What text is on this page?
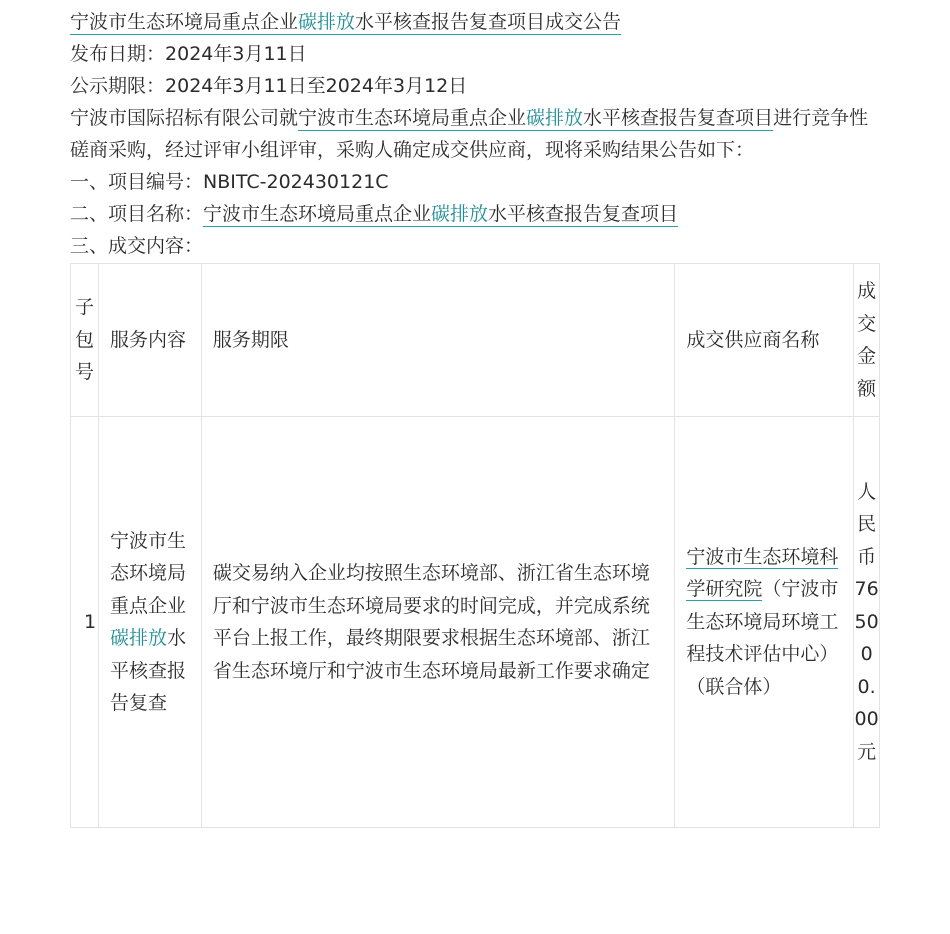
宁波市生态环境局重点企业碳排放水平核查报告复查项目成交公告
发布日期：2024年3月11日
公示期限：2024年3月11日至2024年3月12日
宁波市国际招标有限公司就宁波市生态环境局重点企业碳排放水平核查报告复查项目进行竞争性磋商采购，经过评审小组评审，采购人确定成交供应商，现将采购结果公告如下：
一、项目编号：NBITC-202430121C
二、项目名称：宁波市生态环境局重点企业碳排放水平核查报告复查项目
三、成交内容：
子包号	服务内容	服务期限	成交供应商名称	成交金额
1	宁波市生态环境局重点企业碳排放水平核查报告复查	碳交易纳入企业均按照生态环境部、浙江省生态环境厅和宁波市生态环境局要求的时间完成，并完成系统平台上报工作，最终期限要求根据生态环境部、浙江省生态环境厅和宁波市生态环境局最新工作要求确定	宁波市生态环境科学研究院（宁波市生态环境局环境工程技术评估中心）（联合体）	人民币765000.00元
